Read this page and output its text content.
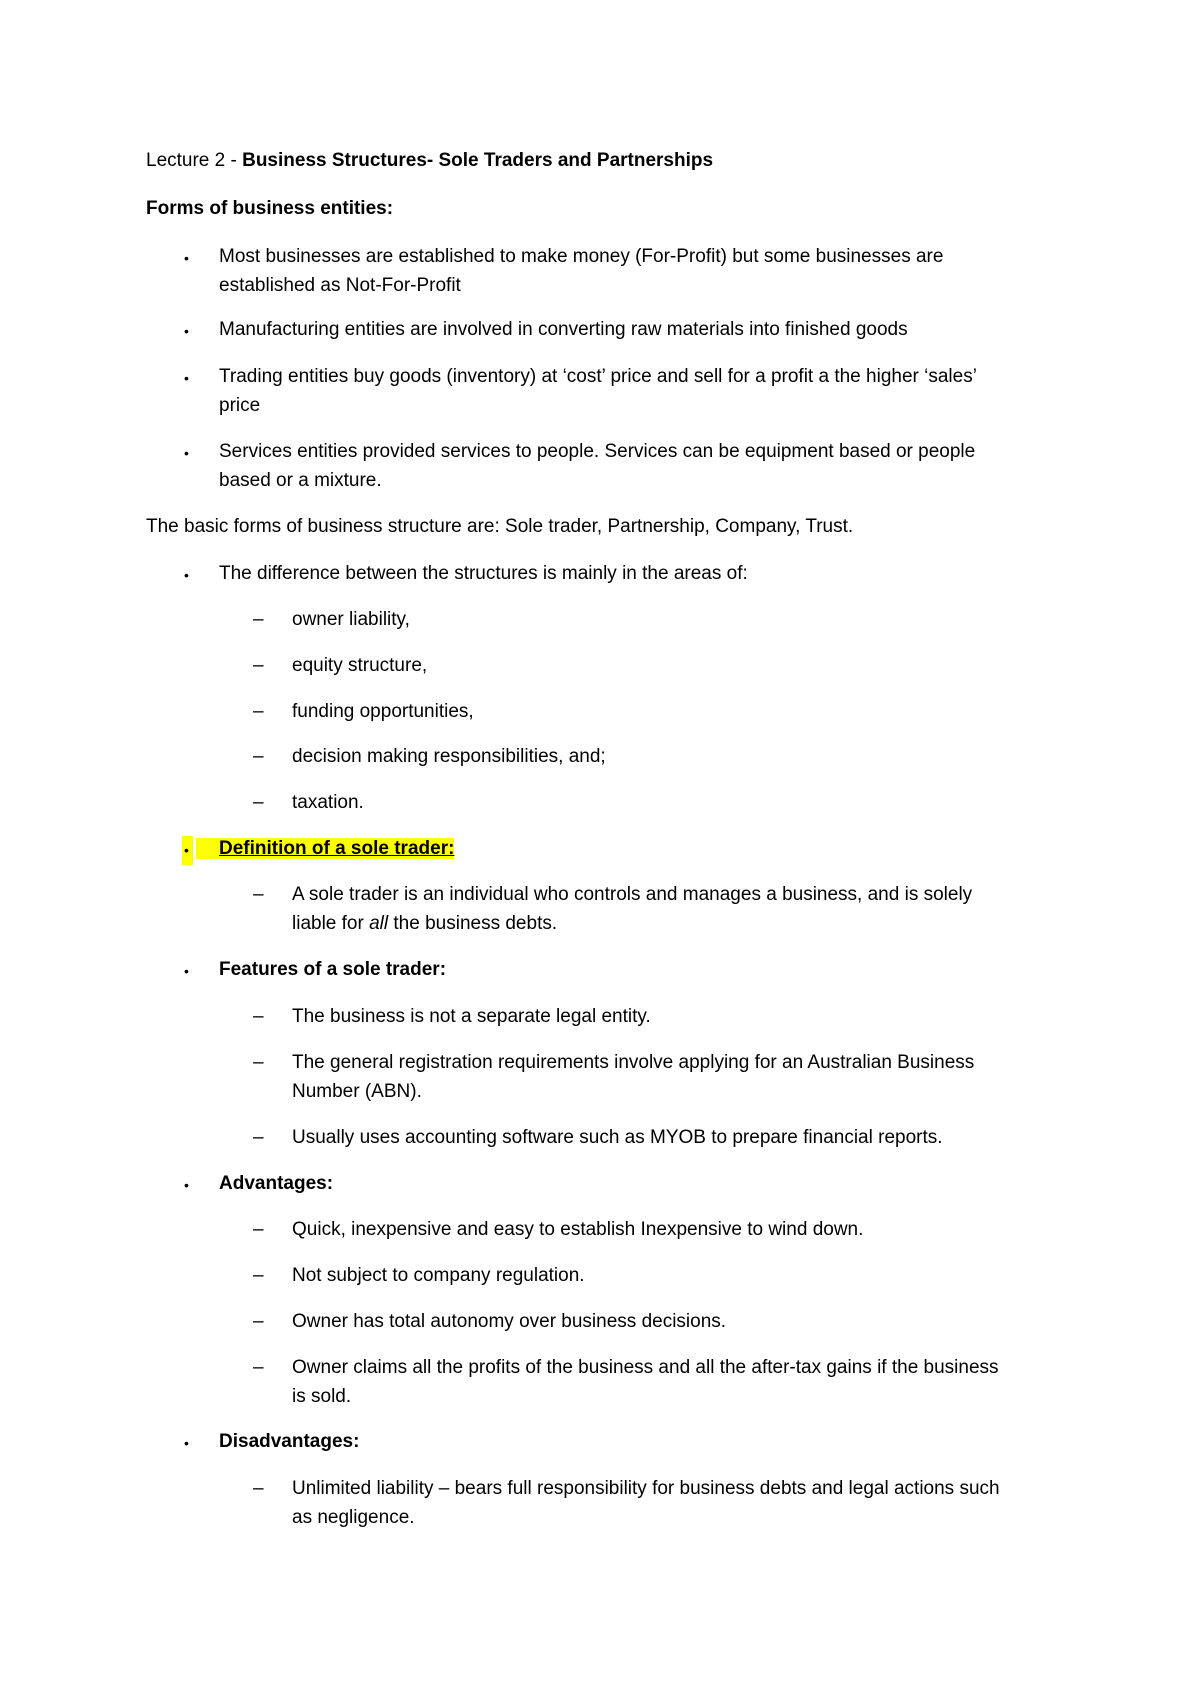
Lecture 2 - Business Structures- Sole Traders and Partnerships

Forms of business entities:

• Most businesses are established to make money (For-Profit) but some businesses are

established as Not-For-Profit

• Manufacturing entities are involved in converting raw materials into finished goods

• Trading entities buy goods (inventory) at ‘cost’ price and sell for a profit a the higher ‘sales’

price

• Services entities provided services to people. Services can be equipment based or people

based or a mixture.

The basic forms of business structure are: Sole trader, Partnership, Company, Trust.

• The difference between the structures is mainly in the areas of:

– owner liability,

– equity structure,

– funding opportunities,

– decision making responsibilities, and;

– taxation.

•	Definition of a sole trader:

– A sole trader is an individual who controls and manages a business, and is solely

liable for all the business debts.

• Features of a sole trader:

– The business is not a separate legal entity.

– The general registration requirements involve applying for an Australian Business

Number (ABN).

– Usually uses accounting software such as MYOB to prepare financial reports.

• Advantages:

– Quick, inexpensive and easy to establish Inexpensive to wind down.

– Not subject to company regulation.

– Owner has total autonomy over business decisions.

– Owner claims all the profits of the business and all the after-tax gains if the business

is sold.

• Disadvantages:

– Unlimited liability – bears full responsibility for business debts and legal actions such

as negligence.
